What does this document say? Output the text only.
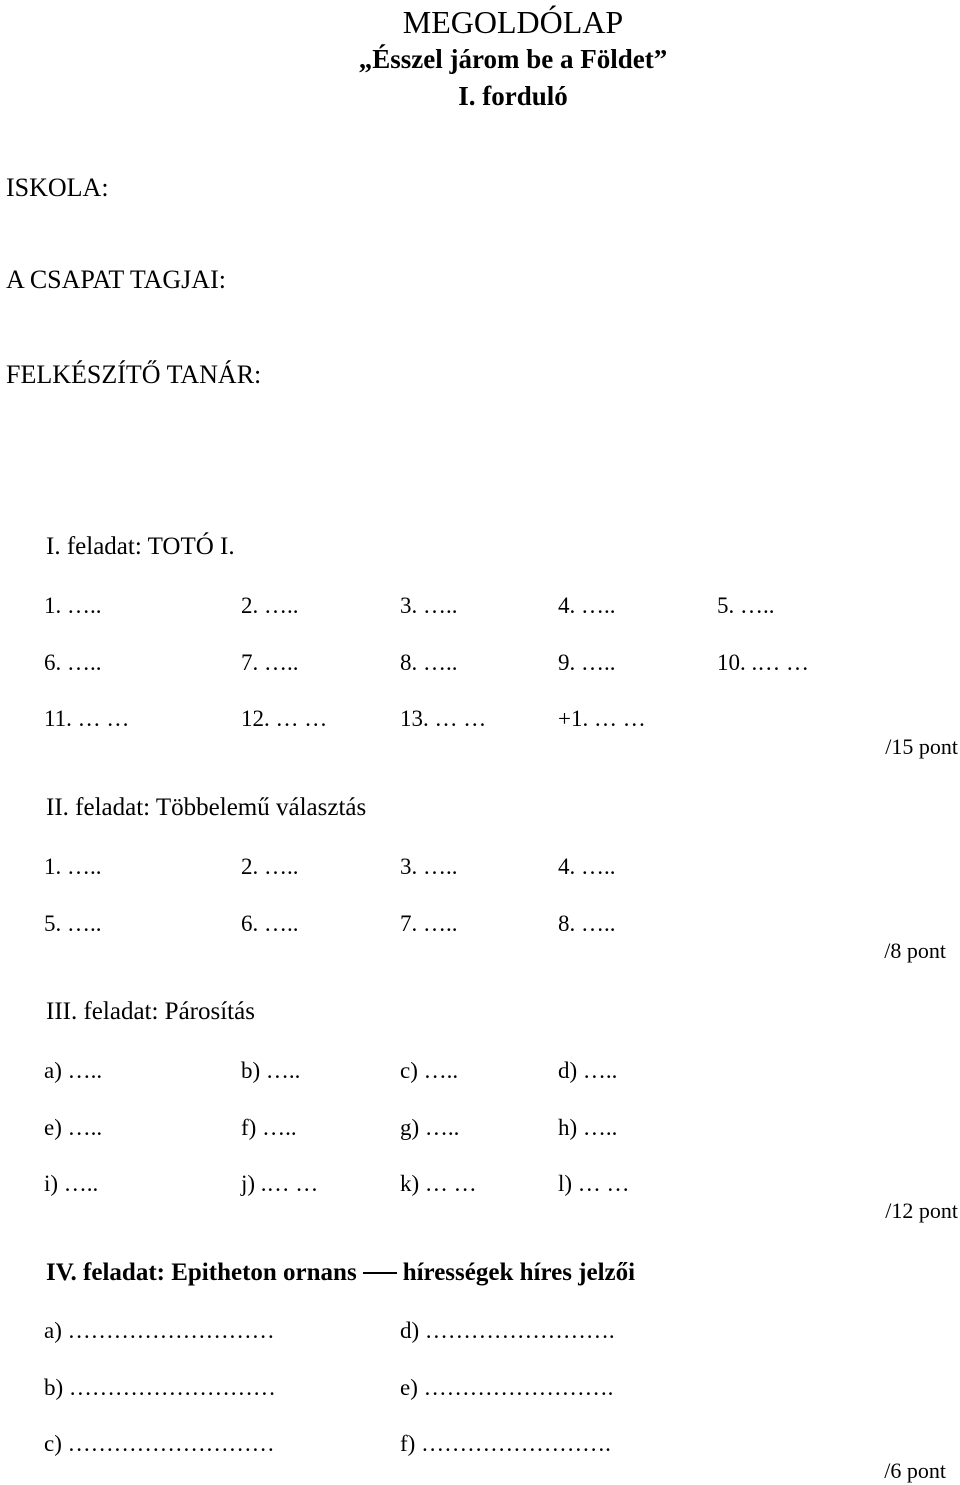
MEGOLDÓLAP
„Ésszel járom be a Földet”
I. forduló
ISKOLA:
A CSAPAT TAGJAI:
FELKÉSZÍTŐ TANÁR:
I. feladat: TOTÓ I.
1. …..	2. …..	3. …..	4. …..	5. …..
6. …..	7. …..	8. …..	9. …..	10. .… …
11. … …	12. … …	13. … …	+1. … …
/15 pont
II. feladat: Többelemű választás
1. …..	2. …..	3. …..	4. …..
5. …..	6. …..	7. …..	8. …..
/8 pont
III. feladat: Párosítás
a) …..	b) …..	c) …..	d) …..
e) …..	f) …..	g) …..	h) …..
i) …..	j) .… …	k) … …	l) … …
/12 pont
IV. feladat: Epitheton ornans hírességek híres jelzői
a) ………………………	d) …………………….
b) ………………………	e) …………………….
c) ………………………	f) …………………….
/6 pont
